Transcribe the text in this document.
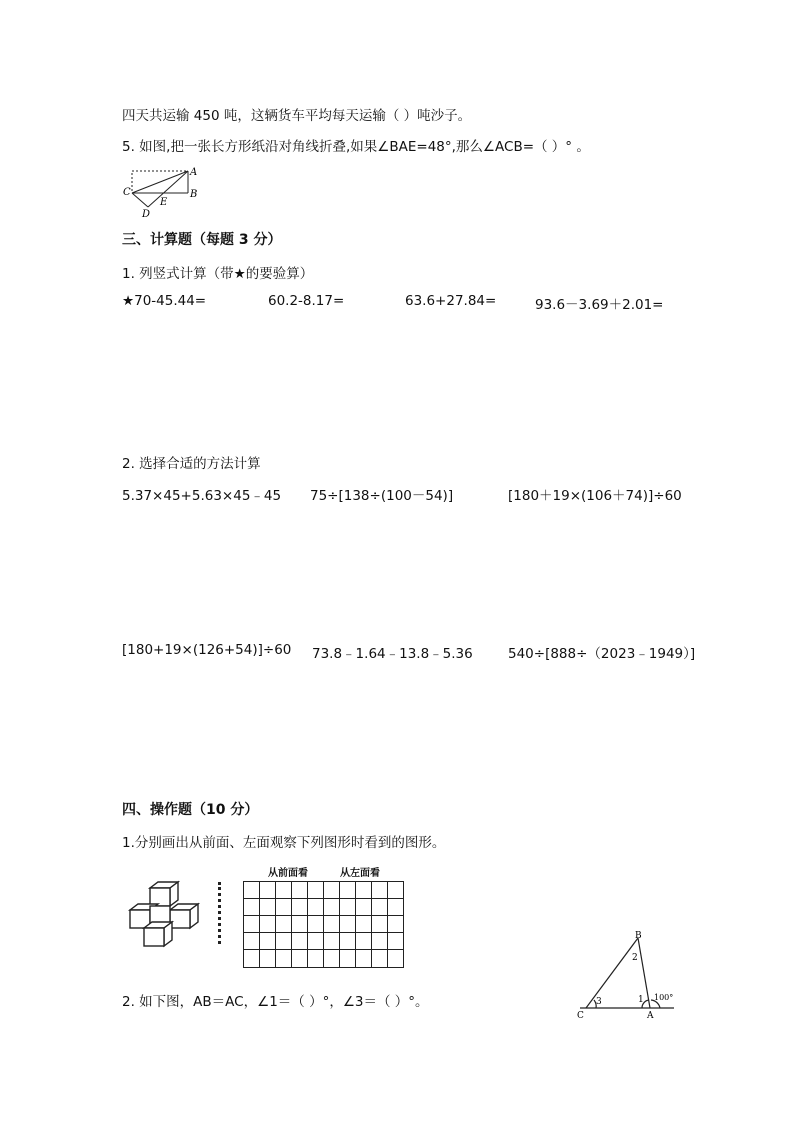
四天共运输 450 吨，这辆货车平均每天运输（ ）吨沙子。
5. 如图,把一张长方形纸沿对角线折叠,如果∠BAE=48°,那么∠ACB=（ ）° 。
C
A
B
D
E
三、计算题（每题 3 分）
1. 列竖式计算（带★的要验算）
★70-45.44=	60.2-8.17=	63.6+27.84=	93.6－3.69＋2.01=
2. 选择合适的方法计算
5.37×45+5.63×45﹣45 75÷[138÷(100－54)]	[180＋19×(106＋74)]÷60
[180+19×(126+54)]÷60 73.8﹣1.64﹣13.8﹣5.36	540÷[888÷（2023﹣1949）]
四、操作题（10 分）
1.分别画出从前面、左面观察下列图形时看到的图形。
从前面看	从左面看
2. 如下图，AB＝AC，∠1＝（ ）°，∠3＝（ ）°。
B
2
3	1
C	A
100°
